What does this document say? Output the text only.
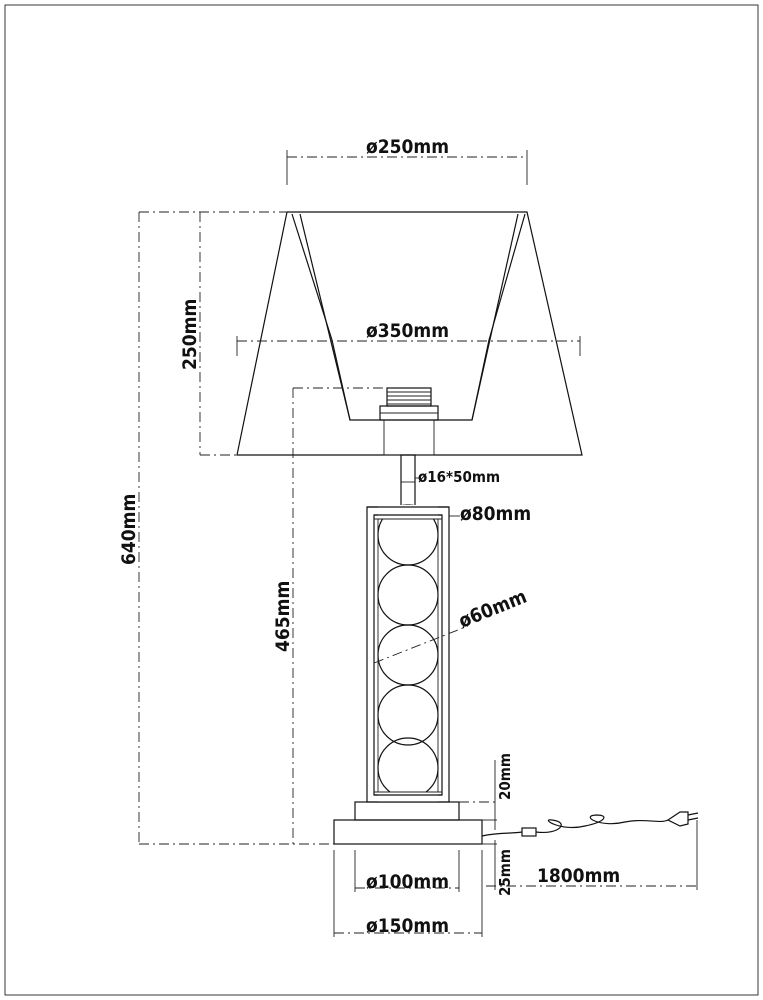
ø250mm
ø350mm
640mm
250mm
465mm
ø16*50mm
ø80mm
ø60mm
20mm
25mm 1800mm
ø100mm
ø150mm
